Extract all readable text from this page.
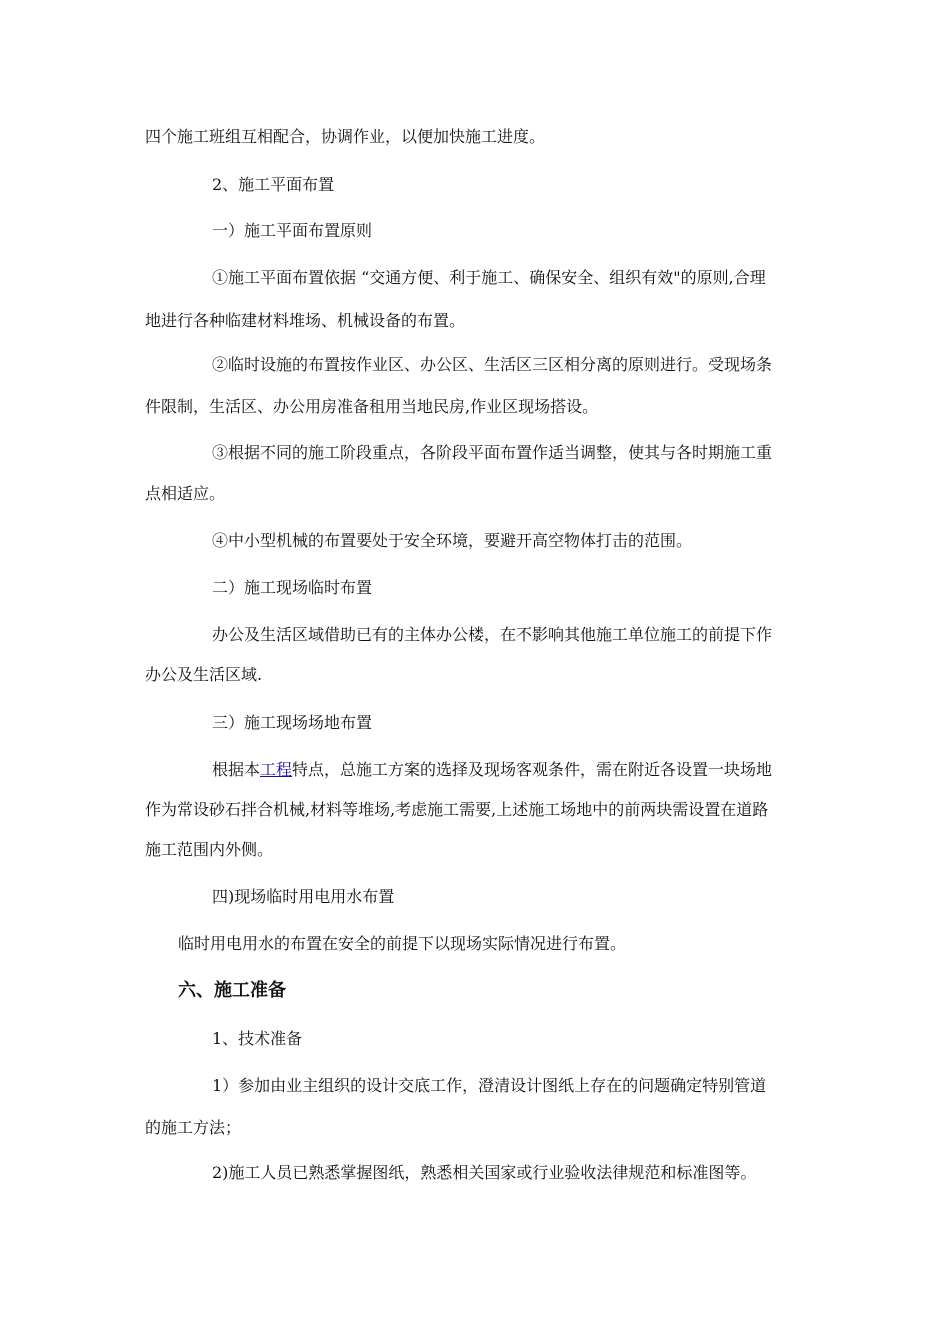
四个施工班组互相配合，协调作业，以便加快施工进度。
2、施工平面布置
一）施工平面布置原则
①施工平面布置依据 “交通方便、利于施工、确保安全、组织有效"的原则,合理
地进行各种临建材料堆场、机械设备的布置。
②临时设施的布置按作业区、办公区、生活区三区相分离的原则进行。受现场条
件限制，生活区、办公用房准备租用当地民房,作业区现场搭设。
③根据不同的施工阶段重点，各阶段平面布置作适当调整，使其与各时期施工重
点相适应。
④中小型机械的布置要处于安全环境，要避开高空物体打击的范围。
二）施工现场临时布置
办公及生活区域借助已有的主体办公楼，在不影响其他施工单位施工的前提下作
办公及生活区域.
三）施工现场场地布置
根据本工程特点，总施工方案的选择及现场客观条件，需在附近各设置一块场地
作为常设砂石拌合机械,材料等堆场,考虑施工需要,上述施工场地中的前两块需设置在道路
施工范围内外侧。
四)现场临时用电用水布置
临时用电用水的布置在安全的前提下以现场实际情况进行布置。
六、施工准备
1、技术准备
1）参加由业主组织的设计交底工作，澄清设计图纸上存在的问题确定特别管道
的施工方法；
2)施工人员已熟悉掌握图纸，熟悉相关国家或行业验收法律规范和标准图等。
